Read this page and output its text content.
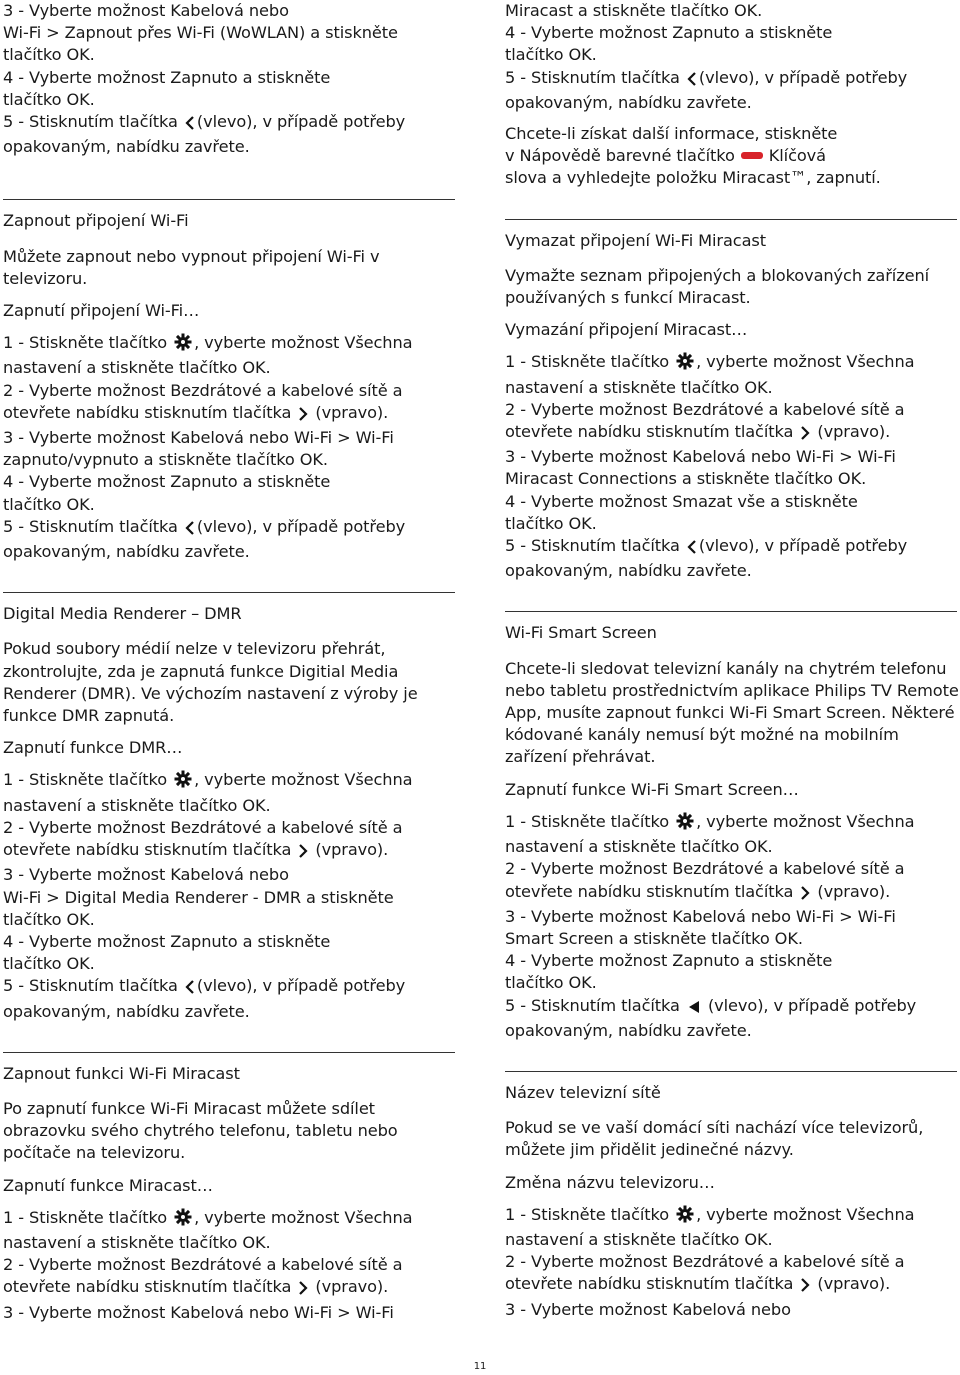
3 - Vyberte možnost Kabelová nebo
Wi-Fi > Zapnout přes Wi-Fi (WoWLAN) a stiskněte
tlačítko OK.
4 - Vyberte možnost Zapnuto a stiskněte
tlačítko OK.
5 - Stisknutím tlačítka (vlevo), v případě potřeby
opakovaným, nabídku zavřete.
Zapnout připojení Wi-Fi

Můžete zapnout nebo vypnout připojení Wi-Fi v televizoru.

Zapnutí připojení Wi-Fi…

1 - Stiskněte tlačítko , vyberte možnost Všechna
nastavení a stiskněte tlačítko OK.
2 - Vyberte možnost Bezdrátové a kabelové sítě a
otevřete nabídku stisknutím tlačítka (vpravo).
3 - Vyberte možnost Kabelová nebo Wi-Fi > Wi-Fi
zapnuto/vypnuto a stiskněte tlačítko OK.
4 - Vyberte možnost Zapnuto a stiskněte
tlačítko OK.
5 - Stisknutím tlačítka (vlevo), v případě potřeby
opakovaným, nabídku zavřete.
Digital Media Renderer – DMR

Pokud soubory médií nelze v televizoru přehrát, zkontrolujte, zda je zapnutá funkce Digitial Media Renderer (DMR). Ve výchozím nastavení z výroby je funkce DMR zapnutá.

Zapnutí funkce DMR…

1 - Stiskněte tlačítko , vyberte možnost Všechna
nastavení a stiskněte tlačítko OK.
2 - Vyberte možnost Bezdrátové a kabelové sítě a
otevřete nabídku stisknutím tlačítka (vpravo).
3 - Vyberte možnost Kabelová nebo
Wi-Fi > Digital Media Renderer - DMR a stiskněte
tlačítko OK.
4 - Vyberte možnost Zapnuto a stiskněte
tlačítko OK.
5 - Stisknutím tlačítka (vlevo), v případě potřeby
opakovaným, nabídku zavřete.
Zapnout funkci Wi-Fi Miracast

Po zapnutí funkce Wi-Fi Miracast můžete sdílet obrazovku svého chytrého telefonu, tabletu nebo počítače na televizoru.

Zapnutí funkce Miracast…

1 - Stiskněte tlačítko , vyberte možnost Všechna
nastavení a stiskněte tlačítko OK.
2 - Vyberte možnost Bezdrátové a kabelové sítě a
otevřete nabídku stisknutím tlačítka (vpravo).
3 - Vyberte možnost Kabelová nebo Wi-Fi > Wi-Fi
Miracast a stiskněte tlačítko OK.
4 - Vyberte možnost Zapnuto a stiskněte
tlačítko OK.
5 - Stisknutím tlačítka (vlevo), v případě potřeby
opakovaným, nabídku zavřete.
Chcete-li získat další informace, stiskněte
v Nápovědě barevné tlačítko Klíčová
slova a vyhledejte položku Miracast™, zapnutí.
Vymazat připojení Wi-Fi Miracast

Vymažte seznam připojených a blokovaných zařízení používaných s funkcí Miracast.

Vymazání připojení Miracast…

1 - Stiskněte tlačítko , vyberte možnost Všechna
nastavení a stiskněte tlačítko OK.
2 - Vyberte možnost Bezdrátové a kabelové sítě a
otevřete nabídku stisknutím tlačítka (vpravo).
3 - Vyberte možnost Kabelová nebo Wi-Fi > Wi-Fi
Miracast Connections a stiskněte tlačítko OK.
4 - Vyberte možnost Smazat vše a stiskněte
tlačítko OK.
5 - Stisknutím tlačítka (vlevo), v případě potřeby
opakovaným, nabídku zavřete.
Wi-Fi Smart Screen

Chcete-li sledovat televizní kanály na chytrém telefonu nebo tabletu prostřednictvím aplikace Philips TV Remote App, musíte zapnout funkci Wi-Fi Smart Screen. Některé kódované kanály nemusí být možné na mobilním zařízení přehrávat.

Zapnutí funkce Wi-Fi Smart Screen…

1 - Stiskněte tlačítko , vyberte možnost Všechna
nastavení a stiskněte tlačítko OK.
2 - Vyberte možnost Bezdrátové a kabelové sítě a
otevřete nabídku stisknutím tlačítka (vpravo).
3 - Vyberte možnost Kabelová nebo Wi-Fi > Wi-Fi
Smart Screen a stiskněte tlačítko OK.
4 - Vyberte možnost Zapnuto a stiskněte
tlačítko OK.
5 - Stisknutím tlačítka (vlevo), v případě potřeby
opakovaným, nabídku zavřete.
Název televizní sítě

Pokud se ve vaší domácí síti nachází více televizorů, můžete jim přidělit jedinečné názvy.

Změna názvu televizoru…

1 - Stiskněte tlačítko , vyberte možnost Všechna
nastavení a stiskněte tlačítko OK.
2 - Vyberte možnost Bezdrátové a kabelové sítě a
otevřete nabídku stisknutím tlačítka (vpravo).
3 - Vyberte možnost Kabelová nebo
11
